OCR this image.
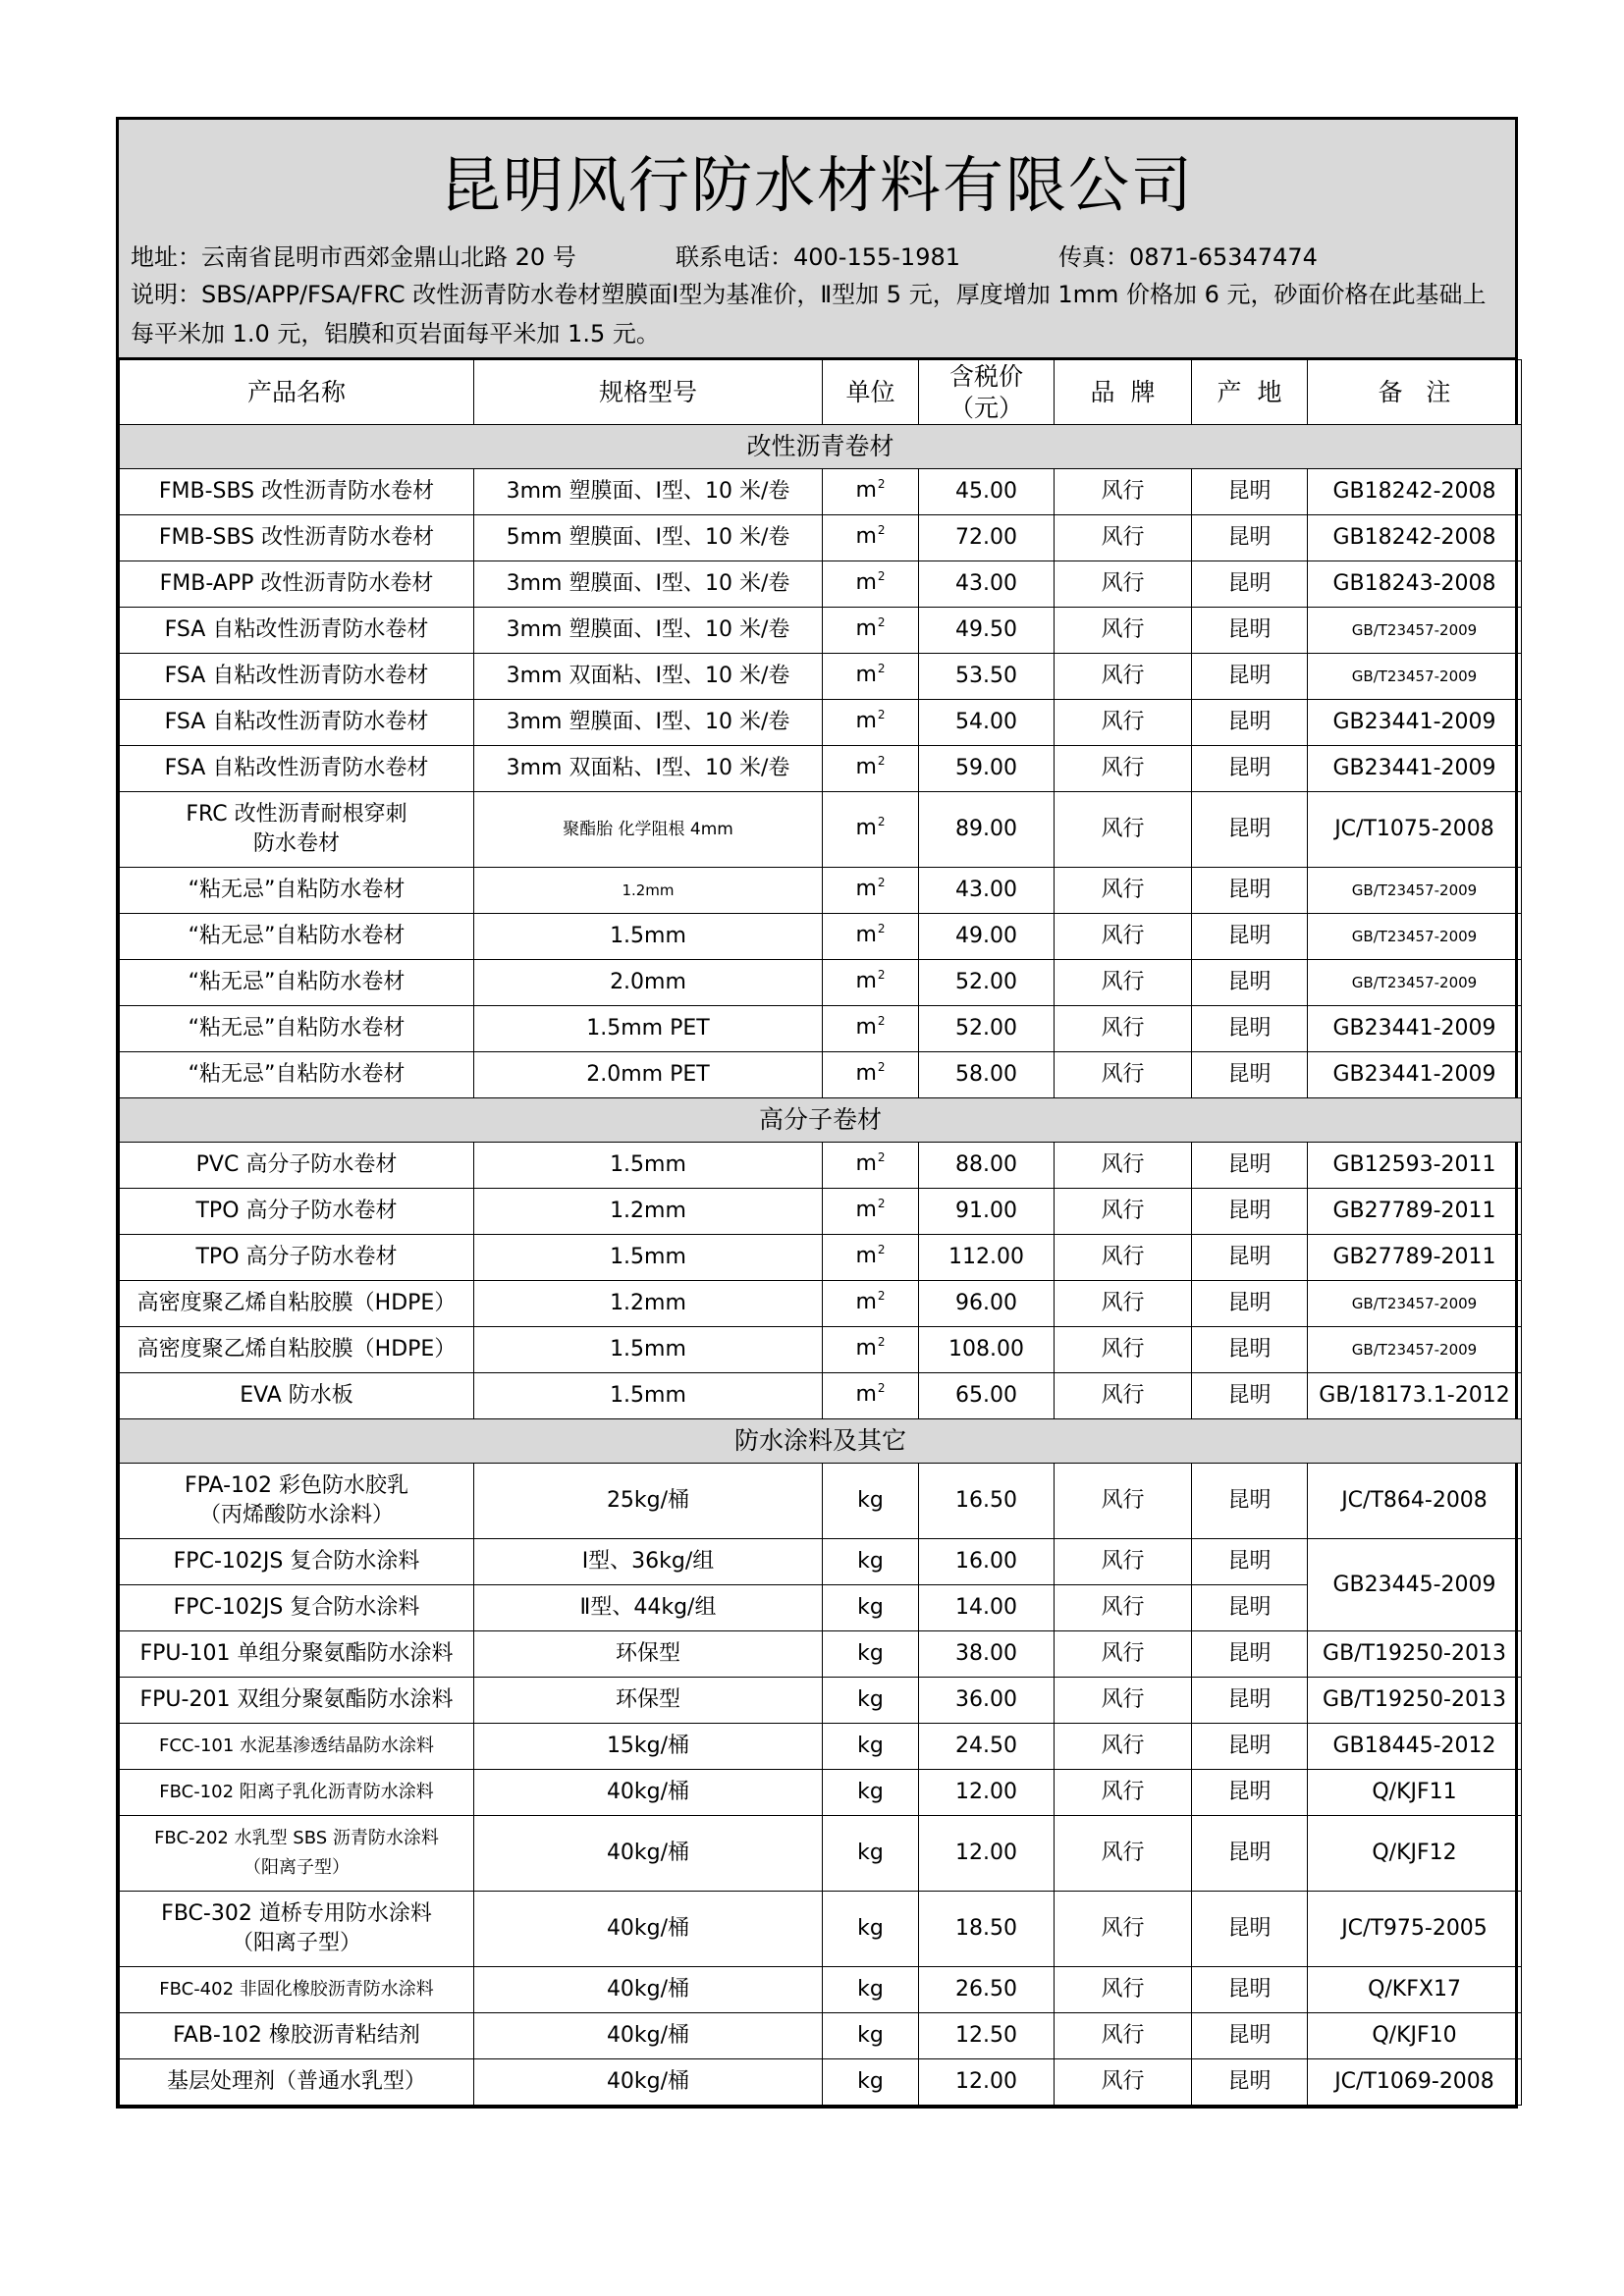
昆明风行防水材料有限公司
地址：云南省昆明市西郊金鼎山北路 20 号	联系电话：400-155-1981	传真：0871-65347474
说明：SBS/APP/FSA/FRC 改性沥青防水卷材塑膜面Ⅰ型为基准价，Ⅱ型加 5 元，厚度增加 1mm 价格加 6 元，砂面价格在此基础上每平米加 1.0 元，铝膜和页岩面每平米加 1.5 元。
产品名称	规格型号	单位	含税价（元）	品  牌	产  地	备   注
改性沥青卷材						

FMB-SBS 改性沥青防水卷材	3mm 塑膜面、Ⅰ型、10 米/卷	$m^2$	45.00	风行	昆明	GB18242-2008

FMB-SBS 改性沥青防水卷材	5mm 塑膜面、Ⅰ型、10 米/卷	$m^2$	72.00	风行	昆明	GB18242-2008

FMB-APP 改性沥青防水卷材	3mm 塑膜面、Ⅰ型、10 米/卷	$m^2$	43.00	风行	昆明	GB18243-2008

FSA 自粘改性沥青防水卷材	3mm 塑膜面、Ⅰ型、10 米/卷	$m^2$	49.50	风行	昆明	GB/T23457-2009

FSA 自粘改性沥青防水卷材	3mm 双面粘、Ⅰ型、10 米/卷	$m^2$	53.50	风行	昆明	GB/T23457-2009

FSA 自粘改性沥青防水卷材	3mm 塑膜面、Ⅰ型、10 米/卷	$m^2$	54.00	风行	昆明	GB23441-2009

FSA 自粘改性沥青防水卷材	3mm 双面粘、Ⅰ型、10 米/卷	$m^2$	59.00	风行	昆明	GB23441-2009

FRC 改性沥青耐根穿刺
防水卷材	聚酯胎 化学阻根 4mm	$m^2$	89.00	风行	昆明	JC/T1075-2008

“粘无忌”自粘防水卷材	1.2mm	$m^2$	43.00	风行	昆明	GB/T23457-2009

“粘无忌”自粘防水卷材	1.5mm	$m^2$	49.00	风行	昆明	GB/T23457-2009

“粘无忌”自粘防水卷材	2.0mm	$m^2$	52.00	风行	昆明	GB/T23457-2009

“粘无忌”自粘防水卷材	1.5mm PET	$m^2$	52.00	风行	昆明	GB23441-2009

“粘无忌”自粘防水卷材	2.0mm PET	$m^2$	58.00	风行	昆明	GB23441-2009
高分子卷材						

PVC 高分子防水卷材	1.5mm	$m^2$	88.00	风行	昆明	GB12593-2011

TPO 高分子防水卷材	1.2mm	$m^2$	91.00	风行	昆明	GB27789-2011

TPO 高分子防水卷材	1.5mm	$m^2$	112.00	风行	昆明	GB27789-2011

高密度聚乙烯自粘胶膜（HDPE）	1.2mm	$m^2$	96.00	风行	昆明	GB/T23457-2009

高密度聚乙烯自粘胶膜（HDPE）	1.5mm	$m^2$	108.00	风行	昆明	GB/T23457-2009

EVA 防水板	1.5mm	$m^2$	65.00	风行	昆明	GB/18173.1-2012
防水涂料及其它						

FPA-102 彩色防水胶乳
（丙烯酸防水涂料）	25kg/桶	kg	16.50	风行	昆明	JC/T864-2008

FPC-102JS 复合防水涂料	Ⅰ型、36kg/组	kg	16.00	风行	昆明	GB23445-2009

FPC-102JS 复合防水涂料	Ⅱ型、44kg/组	kg	14.00	风行	昆明	

FPU-101 单组分聚氨酯防水涂料	环保型	kg	38.00	风行	昆明	GB/T19250-2013

FPU-201 双组分聚氨酯防水涂料	环保型	kg	36.00	风行	昆明	GB/T19250-2013

FCC-101 水泥基渗透结晶防水涂料	15kg/桶	kg	24.50	风行	昆明	GB18445-2012

FBC-102 阳离子乳化沥青防水涂料	40kg/桶	kg	12.00	风行	昆明	Q/KJF11

FBC-202 水乳型 SBS 沥青防水涂料
（阳离子型）	40kg/桶	kg	12.00	风行	昆明	Q/KJF12

FBC-302 道桥专用防水涂料
（阳离子型）	40kg/桶	kg	18.50	风行	昆明	JC/T975-2005

FBC-402 非固化橡胶沥青防水涂料	40kg/桶	kg	26.50	风行	昆明	Q/KFX17

FAB-102 橡胶沥青粘结剂	40kg/桶	kg	12.50	风行	昆明	Q/KJF10

基层处理剂（普通水乳型）	40kg/桶	kg	12.00	风行	昆明	JC/T1069-2008
